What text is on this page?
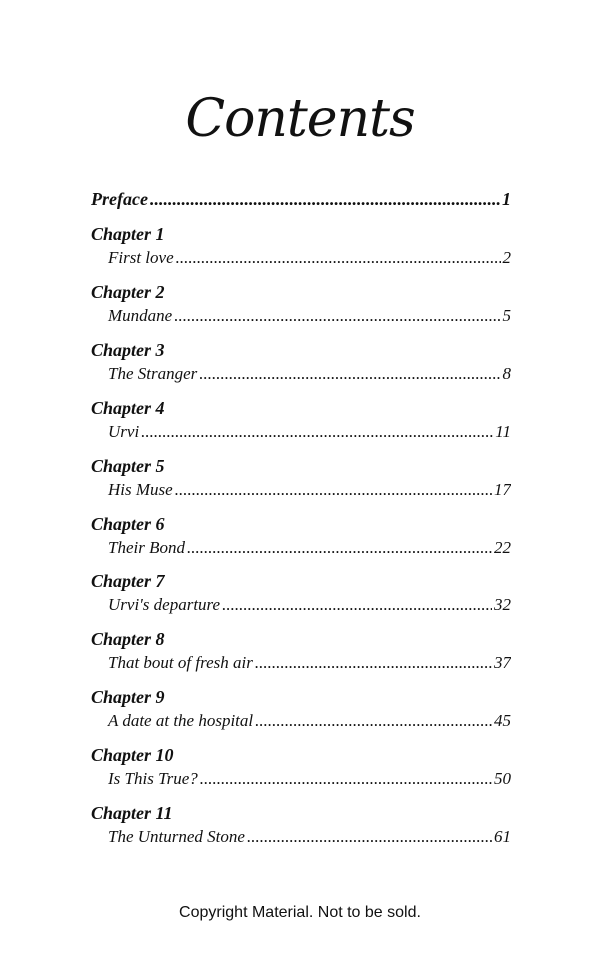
Contents
Preface .....	1
Chapter 1
First love .....	2
Chapter 2
Mundane .....	5
Chapter 3
The Stranger .....	8
Chapter 4
Urvi .....	11
Chapter 5
His Muse .....	17
Chapter 6
Their Bond .....	22
Chapter 7
Urvi's departure .....	32
Chapter 8
That bout of fresh air .....	37
Chapter 9
A date at the hospital .....	45
Chapter 10
Is This True? .....	50
Chapter 11
The Unturned Stone .....	61
Copyright Material. Not to be sold.
